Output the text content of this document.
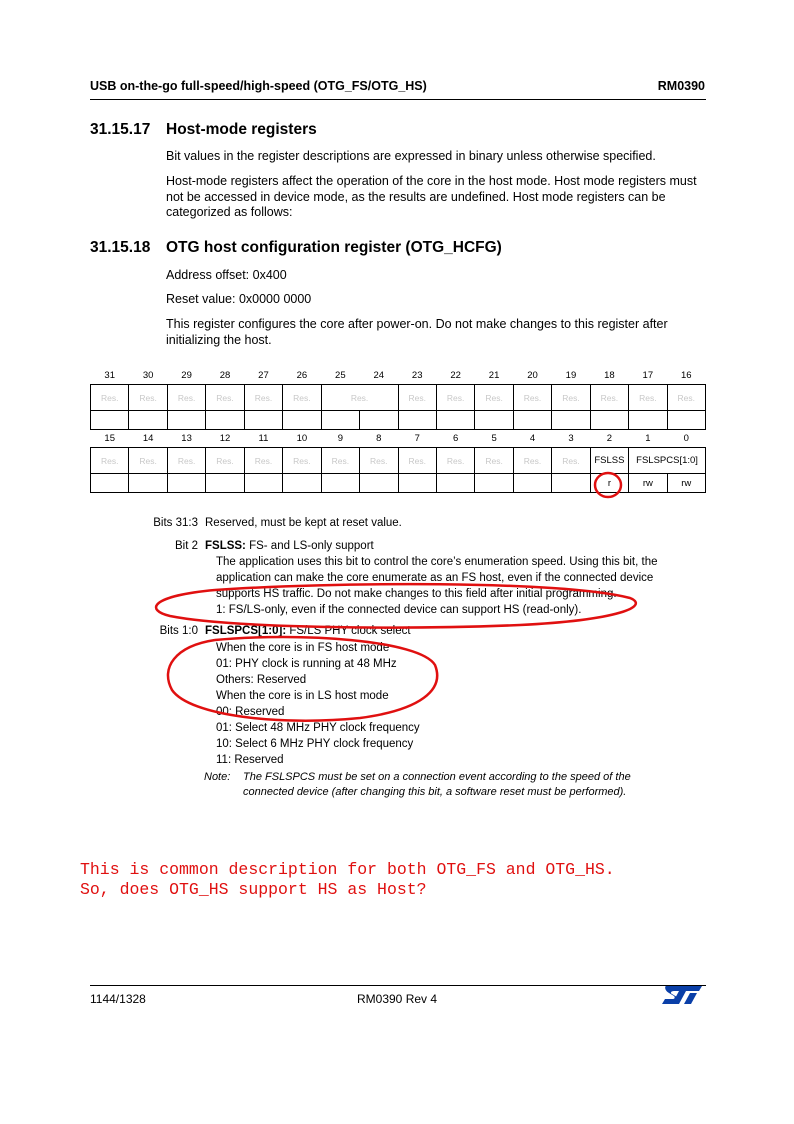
USB on-the-go full-speed/high-speed (OTG_FS/OTG_HS)	RM0390
31.15.17 Host-mode registers
Bit values in the register descriptions are expressed in binary unless otherwise specified.
Host-mode registers affect the operation of the core in the host mode. Host mode registers must not be accessed in device mode, as the results are undefined. Host mode registers can be categorized as follows:
31.15.18 OTG host configuration register (OTG_HCFG)
Address offset: 0x400
Reset value: 0x0000 0000
This register configures the core after power-on. Do not make changes to this register after initializing the host.
31	30	29	28	27	26	25	24	23	22	21	20	19	18	17	16
Res.	Res.	Res.	Res.	Res.	Res.	Res.		Res.	Res.	Res.	Res.	Res.	Res.	Res.	Res.

15	14	13	12	11	10	9	8	7	6	5	4	3	2	1	0
Res.	Res.	Res.	Res.	Res.	Res.	Res.	Res.	Res.	Res.	Res.	Res.	Res.	FSLSS	FSLSPCS[1:0]	
													r	rw	rw
Bits 31:3 Reserved, must be kept at reset value.
Bit 2 FSLSS: FS- and LS-only support
The application uses this bit to control the core’s enumeration speed. Using this bit, the
application can make the core enumerate as an FS host, even if the connected device
supports HS traffic. Do not make changes to this field after initial programming.
1: FS/LS-only, even if the connected device can support HS (read-only).
Bits 1:0 FSLSPCS[1:0]: FS/LS PHY clock select
When the core is in FS host mode
01: PHY clock is running at 48 MHz
Others: Reserved
When the core is in LS host mode
00: Reserved
01: Select 48 MHz PHY clock frequency
10: Select 6 MHz PHY clock frequency
11: Reserved
Note: The FSLSPCS must be set on a connection event according to the speed of the
connected device (after changing this bit, a software reset must be performed).
This is common description for both OTG_FS and OTG_HS.
So, does OTG_HS support HS as Host?
1144/1328	RM0390 Rev 4
